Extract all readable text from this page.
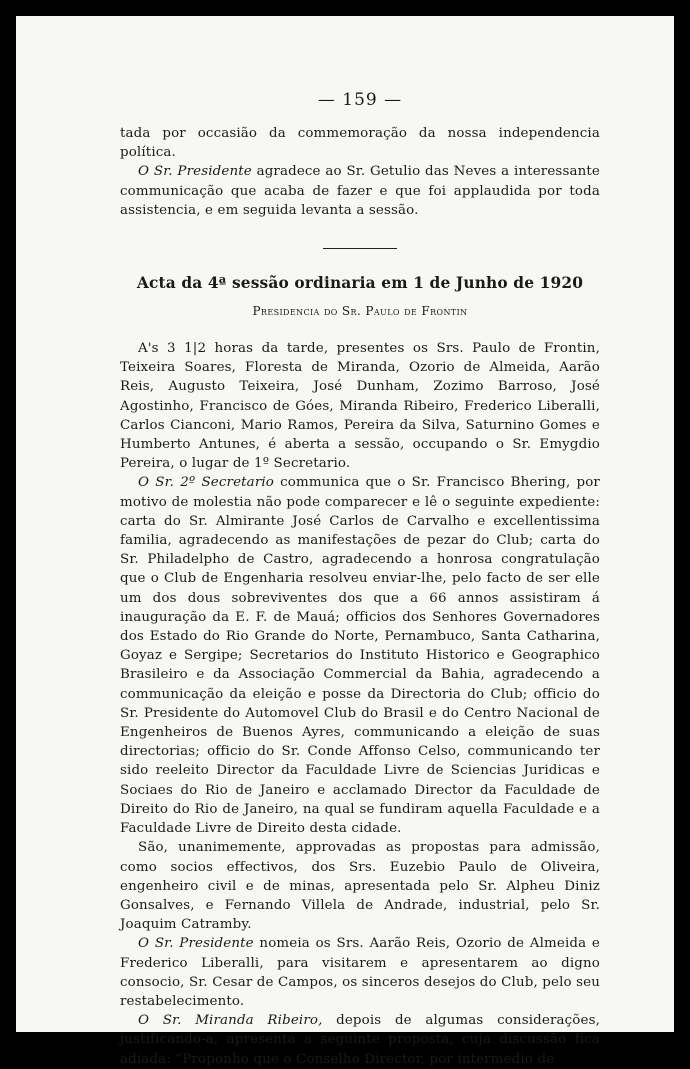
— 159 —

tada por occasião da commemoração da nossa independencia política.

O Sr. Presidente agradece ao Sr. Getulio das Neves a interessante communicação que acaba de fazer e que foi applaudida por toda assistencia, e em seguida levanta a sessão.

Acta da 4ª sessão ordinaria em 1 de Junho de 1920
Presidencia do Sr. Paulo de Frontin

A's 3 1|2 horas da tarde, presentes os Srs. Paulo de Frontin, Teixeira Soares, Floresta de Miranda, Ozorio de Almeida, Aarão Reis, Augusto Teixeira, José Dunham, Zozimo Barroso, José Agostinho, Francisco de Góes, Miranda Ribeiro, Frederico Liberalli, Carlos Cianconi, Mario Ramos, Pereira da Silva, Saturnino Gomes e Humberto Antunes, é aberta a sessão, occupando o Sr. Emygdio Pereira, o lugar de 1º Secretario.

O Sr. 2º Secretario communica que o Sr. Francisco Bhering, por motivo de molestia não pode comparecer e lê o seguinte expediente: carta do Sr. Almirante José Carlos de Carvalho e excellentissima familia, agradecendo as manifestações de pezar do Club; carta do Sr. Philadelpho de Castro, agradecendo a honrosa congratulação que o Club de Engenharia resolveu enviar-lhe, pelo facto de ser elle um dos dous sobreviventes dos que a 66 annos assistiram á inauguração da E. F. de Mauá; officios dos Senhores Governadores dos Estado do Rio Grande do Norte, Pernambuco, Santa Catharina, Goyaz e Sergipe; Secretarios do Instituto Historico e Geographico Brasileiro e da Associação Commercial da Bahia, agradecendo a communicação da eleição e posse da Directoria do Club; officio do Sr. Presidente do Automovel Club do Brasil e do Centro Nacional de Engenheiros de Buenos Ayres, communicando a eleição de suas directorias; officio do Sr. Conde Affonso Celso, communicando ter sido reeleito Director da Faculdade Livre de Sciencias Juridicas e Sociaes do Rio de Janeiro e acclamado Director da Faculdade de Direito do Rio de Janeiro, na qual se fundiram aquella Faculdade e a Faculdade Livre de Direito desta cidade.

São, unanimemente, approvadas as propostas para admissão, como socios effectivos, dos Srs. Euzebio Paulo de Oliveira, engenheiro civil e de minas, apresentada pelo Sr. Alpheu Diniz Gonsalves, e Fernando Villela de Andrade, industrial, pelo Sr. Joaquim Catramby.

O Sr. Presidente nomeia os Srs. Aarão Reis, Ozorio de Almeida e Frederico Liberalli, para visitarem e apresentarem ao digno consocio, Sr. Cesar de Campos, os sinceros desejos do Club, pelo seu restabelecimento.

O Sr. Miranda Ribeiro, depois de algumas considerações, justificando-a, apresenta a seguinte proposta, cuja discussão fica adiada: “Proponho que o Conselho Director, por intermedio de
